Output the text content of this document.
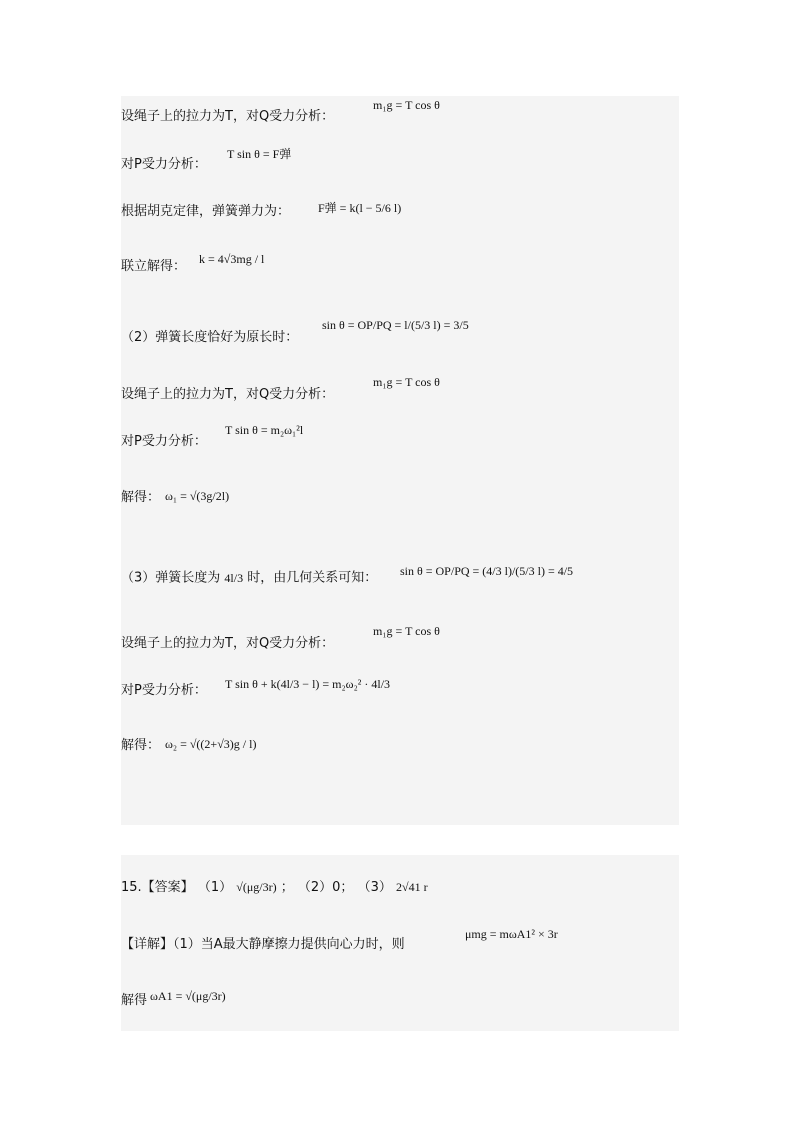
设绳子上的拉力为T，对Q受力分析：
m₁g = T cos θ
对P受力分析：
T sin θ = F弹
根据胡克定律，弹簧弹力为： F弹 = k(l − 5/6 l)
联立解得： k = 4√3mg / l
（2）弹簧长度恰好为原长时：
sin θ = OP/PQ = l/(5/3 l) = 3/5
设绳子上的拉力为T，对Q受力分析：
m₁g = T cos θ
对P受力分析：
T sin θ = m₂ω₁²l
解得： ω₁ = √(3g/2l)
（3）弹簧长度为 4l/3 时，由几何关系可知： sin θ = OP/PQ = (4/3 l)/(5/3 l) = 4/5
设绳子上的拉力为T，对Q受力分析：
m₁g = T cos θ
对P受力分析： T sin θ + k(4l/3 − l) = m₂ω₂² · 4l/3
解得： ω₂ = √((2+√3)g / l)
15.【答案】 （1） √(μg/3r) ； （2）0； （3） 2√41 r
【详解】（1）当A最大静摩擦力提供向心力时，则
μmg = mωA1² × 3r
解得 ωA1 = √(μg/3r)
